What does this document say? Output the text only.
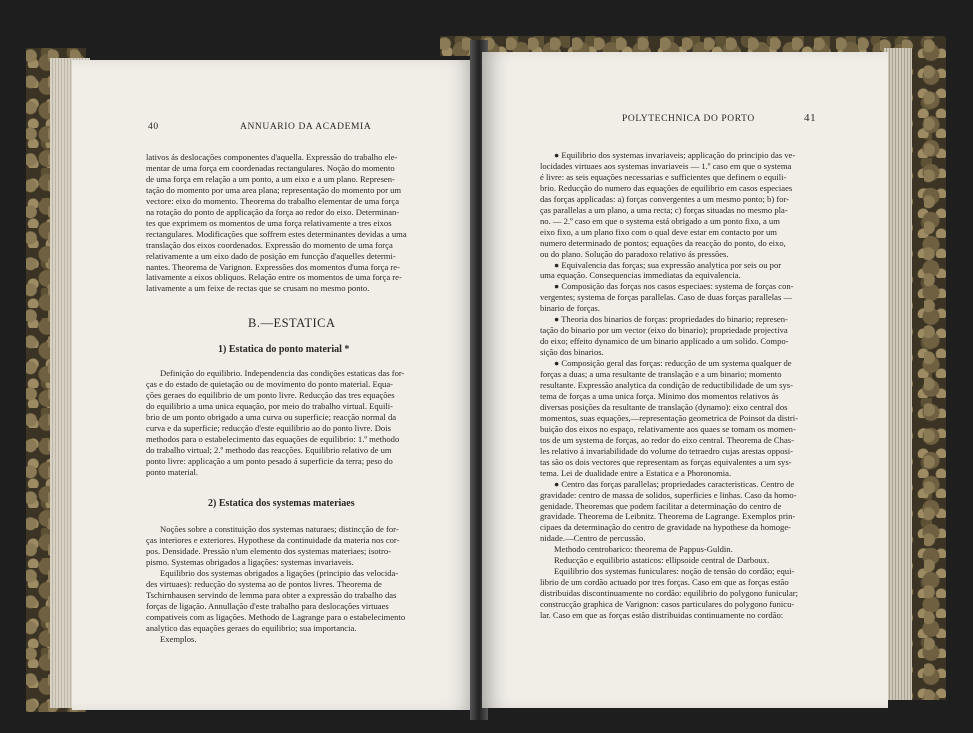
40	ANNUARIO DA ACADEMIA
lativos ás deslocações componentes d'aquella. Expressão do trabalho ele-
mentar de uma força em coordenadas rectangulares. Noção do momento
de uma força em relação a um ponto, a um eixo e a um plano. Represen-
tação do momento por uma area plana; representação do momento por um
vectore: eixo do momento. Theorema do trabalho elementar de uma força
na rotação do ponto de applicação da força ao redor do eixo. Determinan-
tes que exprimem os momentos de uma força relativamente a tres eixos
rectangulares. Modificações que soffrem estes determinantes devidas a uma
translação dos eixos coordenados. Expressão do momento de uma força
relativamente a um eixo dado de posição em funcção d'aquelles determi-
nantes. Theorema de Varignon. Expressões dos momentos d'uma força re-
lativamente a eixos obliquos. Relação entre os momentos de uma força re-
lativamente a um feixe de rectas que se crusam no mesmo ponto.
B.—ESTATICA
1) Estatica do ponto material *
Definição do equilibrio. Independencia das condições estaticas das for-
ças e do estado de quietação ou de movimento do ponto material. Equa-
ções geraes do equilibrio de um ponto livre. Reducção das tres equações
do equilibrio a uma unica equação, por meio do trabalho virtual. Equili-
brio de um ponto obrigado a uma curva ou superficie; reacção normal da
curva e da superficie; reducção d'este equilibrio ao do ponto livre. Dois
methodos para o estabelecimento das equações de equilibrio: 1.º methodo
do trabalho virtual; 2.º methodo das reacções. Equilibrio relativo de um
ponto livre: applicação a um ponto pesado á superficie da terra; peso do
ponto material.
2) Estatica dos systemas materiaes
Noções sobre a constituição dos systemas naturaes; distincção de for-
ças interiores e exteriores. Hypothese da continuidade da materia nos cor-
pos. Densidade. Pressão n'um elemento dos systemas materiaes; isotro-
pismo. Systemas obrigados a ligações: systemas invariaveis.
Equilibrio dos systemas obrigados a ligações (principio das velocida-
des virtuaes): reducção do systema ao de pontos livres. Theorema de
Tschirnhausen servindo de lemma para obter a expressão do trabalho das
forças de ligação. Annullação d'este trabalho para deslocações virtuaes
compativeis com as ligações. Methodo de Lagrange para o estabelecimento
analytico das equações geraes do equilibrio; sua importancia.
Exemplos.
POLYTECHNICA DO PORTO	41
● Equilibrio dos systemas invariaveis; applicação do principio das ve-
locidades virtuaes aos systemas invariaveis — 1.º caso em que o systema
é livre: as seis equações necessarias e sufficientes que definem o equili-
brio. Reducção do numero das equações de equilibrio em casos especiaes
das forças applicadas: a) forças convergentes a um mesmo ponto; b) for-
ças parallelas a um plano, a uma recta; c) forças situadas no mesmo pla-
no. — 2.º caso em que o systema está obrigado a um ponto fixo, a um
eixo fixo, a um plano fixo com o qual deve estar em contacto por um
numero determinado de pontos; equações da reacção do ponto, do eixo,
ou do plano. Solução do paradoxo relativo ás pressões.
● Equivalencia das forças; sua expressão analytica por seis ou por
uma equação. Consequencias immediatas da equivalencia.
● Composição das forças nos casos especiaes: systema de forças con-
vergentes; systema de forças parallelas. Caso de duas forças parallelas —
binario de forças.
● Theoria dos binarios de forças: propriedades do binario; represen-
tação do binario por um vector (eixo do binario); propriedade projectiva
do eixo; effeito dynamico de um binario applicado a um solido. Compo-
sição dos binarios.
● Composição geral das forças: reducção de um systema qualquer de
forças a duas; a uma resultante de translação e a um binario; momento
resultante. Expressão analytica da condição de reductibilidade de um sys-
tema de forças a uma unica força. Minimo dos momentos relativos ás
diversas posições da resultante de translação (dynamo): eixo central dos
momentos, suas equações,—representação geometrica de Poinsot da distri-
buição dos eixos no espaço, relativamente aos quaes se tomam os momen-
tos de um systema de forças, ao redor do eixo central. Theorema de Chas-
les relativo á invariabilidade do volume do tetraedro cujas arestas opposi-
tas são os dois vectores que representam as forças equivalentes a um sys-
tema. Lei de dualidade entre a Estatica e a Phoronomia.
● Centro das forças parallelas; propriedades caracteristicas. Centro de
gravidade: centro de massa de solidos, superficies e linhas. Caso da homo-
genidade. Theoremas que podem facilitar a determinação do centro de
gravidade. Theorema de Leibnitz. Theorema de Lagrange. Exemplos prin-
cipaes da determinação do centro de gravidade na hypothese da homoge-
nidade.—Centro de percussão.
Methodo centrobarico: theorema de Pappus-Guldin.
Reducção e equilibrio astaticos: ellipsoide central de Darboux.
Equilibrio dos systemas funiculares: noção de tensão do cordão; equi-
librio de um cordão actuado por tres forças. Caso em que as forças estão
distribuidas discontinuamente no cordão: equilibrio do polygono funicular;
construcção graphica de Varignon: casos particulares do polygono funicu-
lar. Caso em que as forças estão distribuidas continuamente no cordão:
